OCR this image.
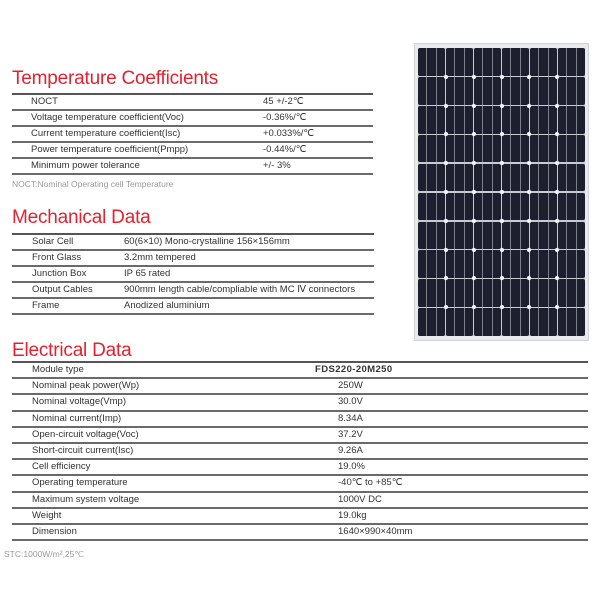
Temperature Coefficients
NOCT	45 +/-2℃
Voltage temperature coefficient(Voc)	-0.36%/℃
Current temperature coefficient(Isc)	+0.033%/℃
Power temperature coefficient(Pmpp)	-0.44%/℃
Minimum power tolerance	+/- 3%
NOCT:Nominal Operating cell Temperature
Mechanical Data
Solar Cell	60(6×10) Mono-crystalline 156×156mm
Front Glass	3.2mm tempered
Junction Box	IP 65 rated
Output Cables	900mm length cable/compliable with MC Ⅳ connectors
Frame	Anodized aluminium
Electrical Data
Module type	FDS220-20M250
Nominal peak power(Wp)	250W
Nominal voltage(Vmp)	30.0V
Nominal current(Imp)	8.34A
Open-circuit voltage(Voc)	37.2V
Short-circuit current(Isc)	9.26A
Cell efficiency	19.0%
Operating temperature	-40℃ to +85℃
Maximum system voltage	1000V DC
Weight	19.0kg
Dimension	1640×990×40mm
STC:1000W/m²,25℃
